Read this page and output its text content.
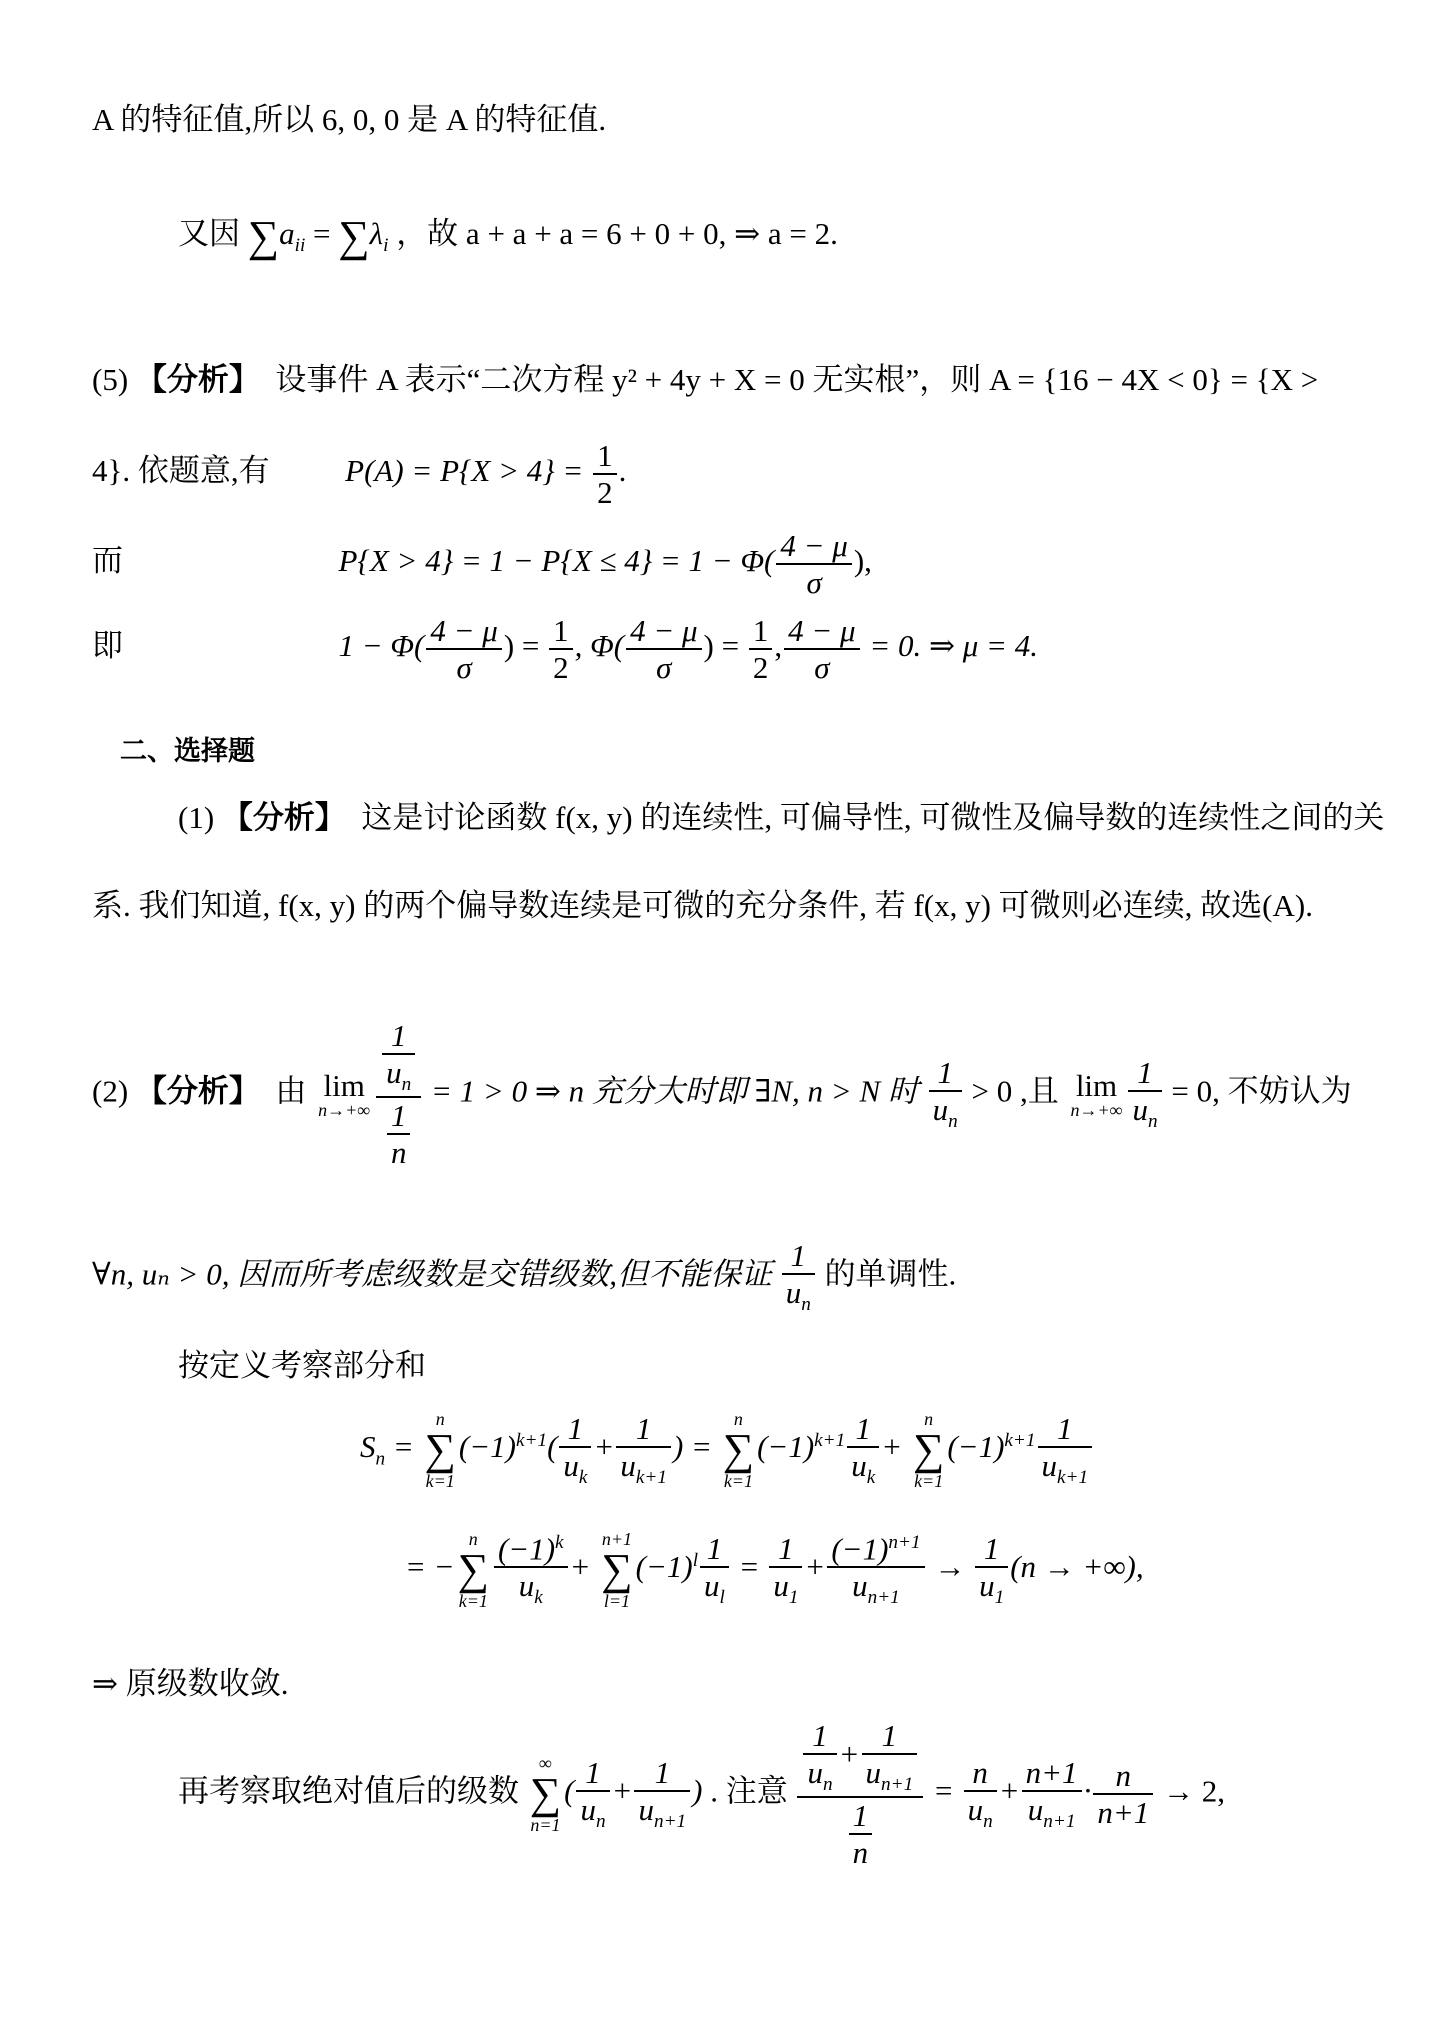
A 的特征值,所以 6, 0, 0 是 A 的特征值.
又因 $\sum a_{ii} = \sum\lambda_i$ ，故 a + a + a = 6 + 0 + 0, ⇒ a = 2.
(5) 【分析】 设事件 A 表示“二次方程 y² + 4y + X = 0 无实根”，则 A = {16 − 4X < 0} = {X >
4}. 依题意,有 $P(A) = P\{X > 4\} = \frac{1}{2}$ .
而	$P\{X > 4\} = 1 - P\{X \le 4\} = 1 - \Phi( \frac{4 - \mu}{\sigma}$ ),
即	$1 - \Phi( \frac{4 - \mu}{\sigma}$ ) = $\frac{1}{2}$ , $\Phi( \frac{4 - \mu}{\sigma}$ ) = $\frac{1}{2}$ , $\frac{4 - \mu}{\sigma} = 0$. ⇒ μ = 4.
二、选择题
(1) 【分析】 这是讨论函数 f(x, y) 的连续性, 可偏导性, 可微性及偏导数的连续性之间的关
系. 我们知道, f(x, y) 的两个偏导数连续是可微的充分条件, 若 f(x, y) 可微则必连续, 故选(A).
(2) 【分析】 由 lim
$n\to+\infty \frac{\frac{1}{u_n}}{\frac{1}{n}} = 1 > 0$ ⇒ n 充分大时即 ∃N, n > N 时 $\frac{1}{u_n} > 0$ ,且 lim
$n\to+\infty \frac{1}{u_n} = 0$, 不妨认为
∀n, uₙ > 0, 因而所考虑级数是交错级数,但不能保证 $\frac{1}{u_n}$ 的单调性.
按定义考察部分和
$S_n$ =
n
∑
k=1
$(-1)^{k+1}( \frac{1}{u_k} + \frac{1}{u_{k+1}}$ ) =
n
∑
k=1
$(-1)^{k+1} \frac{1}{u_k}$ +
n
∑
k=1
$(-1)^{k+1} \frac{1}{u_{k+1}}$
= −
n
∑
$k=1 \frac{(-1)^k}{u_k}$ +
n+1
∑
l=1
$(-1)^l \frac{1}{u_l} = \frac{1}{u_1} + \frac{(-1)^{n+1}}{u_{n+1}} \to \frac{1}{u_1} (n$ → +∞),
⇒ 原级数收敛.
再考察取绝对值后的级数
∞
∑
n=1
( $\frac{1}{u_n} + \frac{1}{u_{n+1}}$ ) . 注意 $\frac{\frac{1}{u_n} + \frac{1}{u_{n+1}}}{\frac{1}{n}} = \frac{n}{u_n} + \frac{n+1}{u_{n+1}} \cdot \frac{n}{n+1} \to 2$,
